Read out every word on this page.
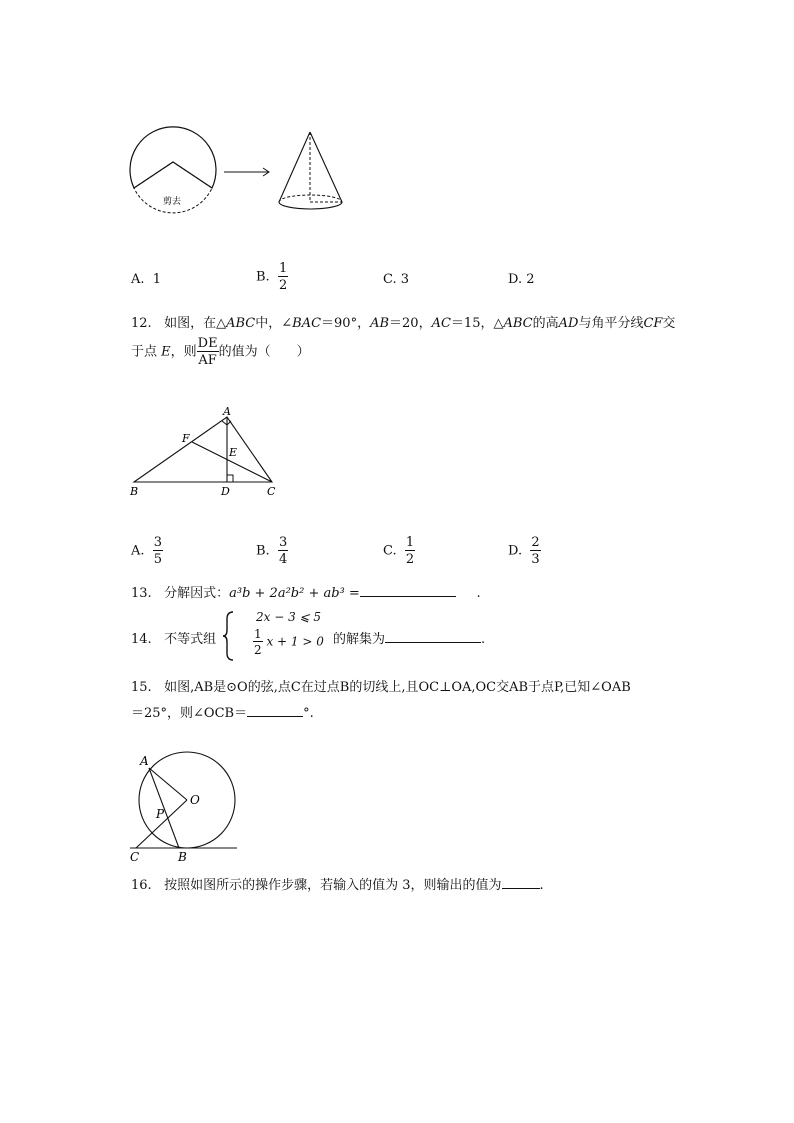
剪去
A. 1	B. $\frac{1}{2}$	C. 3	D. 2
12. 如图，在△ABC中，∠BAC＝90°，AB＝20，AC＝15，△ABC的高AD与角平分线CF交
于点 E，则 $\frac{DE}{AF}$ 的值为（　　）
A
F
E
B	D	C
A. $\frac{3}{5}$	B. $\frac{3}{4}$	C. $\frac{1}{2}$	D. $\frac{2}{3}$
13. 分解因式：a³b + 2a²b² + ab³ =	.
14. 不等式组
2x − 3 ⩽ 5
$\frac{1}{2}$ x + 1 > 0 的解集为	.
15. 如图,AB是⊙O的弦,点C在过点B的切线上,且OC⊥OA,OC交AB于点P,已知∠OAB
＝25°，则∠OCB＝	°.
A
O
P
C	B
16. 按照如图所示的操作步骤，若输入的值为 3，则输出的值为	.
